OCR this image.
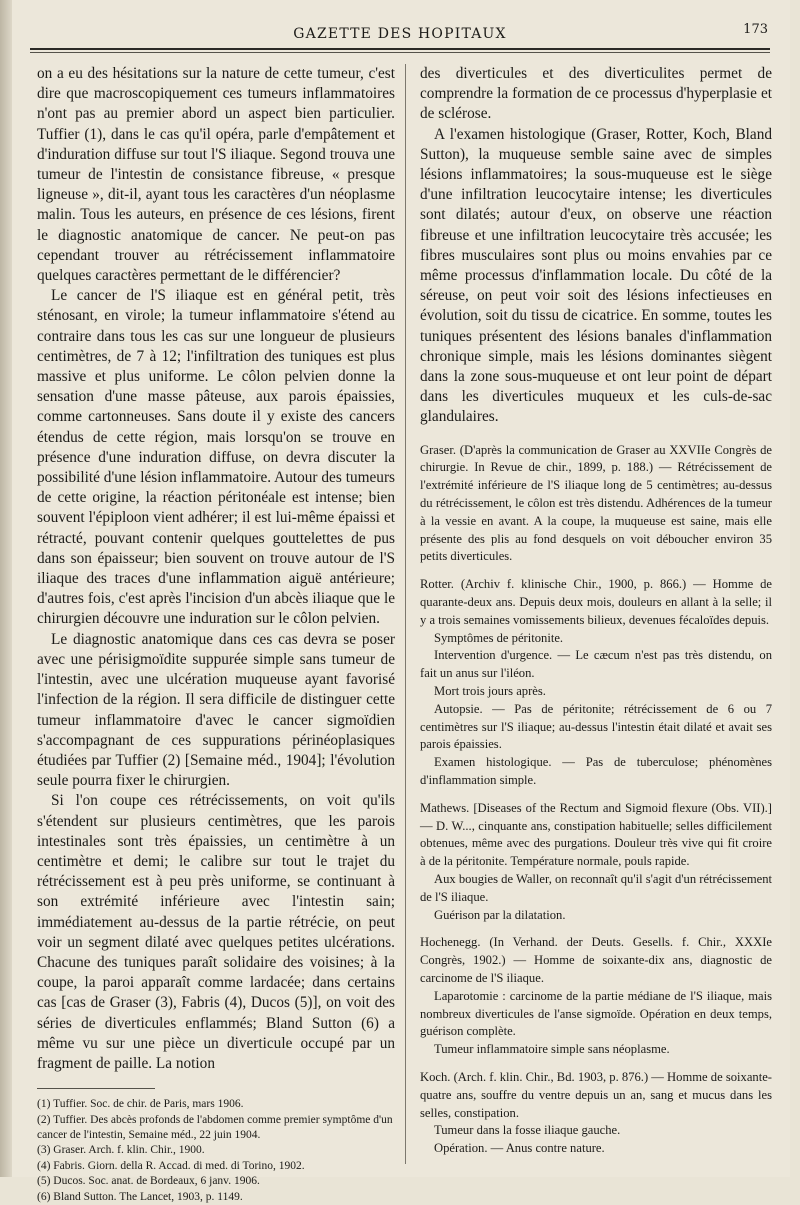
GAZETTE DES HOPITAUX	173

on a eu des hésitations sur la nature de cette tumeur, c'est dire que macroscopiquement ces tumeurs inflammatoires n'ont pas au premier abord un aspect bien particulier. Tuffier (1), dans le cas qu'il opéra, parle d'empâtement et d'induration diffuse sur tout l'S iliaque. Segond trouva une tumeur de l'intestin de consistance fibreuse, « presque ligneuse », dit-il, ayant tous les caractères d'un néoplasme malin. Tous les auteurs, en présence de ces lésions, firent le diagnostic anatomique de cancer. Ne peut-on pas cependant trouver au rétrécissement inflammatoire quelques caractères permettant de le différencier?

Le cancer de l'S iliaque est en général petit, très sténosant, en virole; la tumeur inflammatoire s'étend au contraire dans tous les cas sur une longueur de plusieurs centimètres, de 7 à 12; l'infiltration des tuniques est plus massive et plus uniforme. Le côlon pelvien donne la sensation d'une masse pâteuse, aux parois épaissies, comme cartonneuses. Sans doute il y existe des cancers étendus de cette région, mais lorsqu'on se trouve en présence d'une induration diffuse, on devra discuter la possibilité d'une lésion inflammatoire. Autour des tumeurs de cette origine, la réaction péritonéale est intense; bien souvent l'épiploon vient adhérer; il est lui-même épaissi et rétracté, pouvant contenir quelques gouttelettes de pus dans son épaisseur; bien souvent on trouve autour de l'S iliaque des traces d'une inflammation aiguë antérieure; d'autres fois, c'est après l'incision d'un abcès iliaque que le chirurgien découvre une induration sur le côlon pelvien.

Le diagnostic anatomique dans ces cas devra se poser avec une périsigmoïdite suppurée simple sans tumeur de l'intestin, avec une ulcération muqueuse ayant favorisé l'infection de la région. Il sera difficile de distinguer cette tumeur inflammatoire d'avec le cancer sigmoïdien s'accompagnant de ces suppurations périnéoplasiques étudiées par Tuffier (2) [Semaine méd., 1904]; l'évolution seule pourra fixer le chirurgien.

Si l'on coupe ces rétrécissements, on voit qu'ils s'étendent sur plusieurs centimètres, que les parois intestinales sont très épaissies, un centimètre à un centimètre et demi; le calibre sur tout le trajet du rétrécissement est à peu près uniforme, se continuant à son extrémité inférieure avec l'intestin sain; immédiatement au-dessus de la partie rétrécie, on peut voir un segment dilaté avec quelques petites ulcérations. Chacune des tuniques paraît solidaire des voisines; à la coupe, la paroi apparaît comme lardacée; dans certains cas [cas de Graser (3), Fabris (4), Ducos (5)], on voit des séries de diverticules enflammés; Bland Sutton (6) a même vu sur une pièce un diverticule occupé par un fragment de paille. La notion

(1) Tuffier. Soc. de chir. de Paris, mars 1906.

(2) Tuffier. Des abcès profonds de l'abdomen comme premier symptôme d'un cancer de l'intestin, Semaine méd., 22 juin 1904.

(3) Graser. Arch. f. klin. Chir., 1900.

(4) Fabris. Giorn. della R. Accad. di med. di Torino, 1902.

(5) Ducos. Soc. anat. de Bordeaux, 6 janv. 1906.

(6) Bland Sutton. The Lancet, 1903, p. 1149.

des diverticules et des diverticulites permet de comprendre la formation de ce processus d'hyperplasie et de sclérose.

A l'examen histologique (Graser, Rotter, Koch, Bland Sutton), la muqueuse semble saine avec de simples lésions inflammatoires; la sous-muqueuse est le siège d'une infiltration leucocytaire intense; les diverticules sont dilatés; autour d'eux, on observe une réaction fibreuse et une infiltration leucocytaire très accusée; les fibres musculaires sont plus ou moins envahies par ce même processus d'inflammation locale. Du côté de la séreuse, on peut voir soit des lésions infectieuses en évolution, soit du tissu de cicatrice. En somme, toutes les tuniques présentent des lésions banales d'inflammation chronique simple, mais les lésions dominantes siègent dans la zone sous-muqueuse et ont leur point de départ dans les diverticules muqueux et les culs-de-sac glandulaires.

Graser. (D'après la communication de Graser au XXVIIe Congrès de chirurgie. In Revue de chir., 1899, p. 188.) — Rétrécissement de l'extrémité inférieure de l'S iliaque long de 5 centimètres; au-dessus du rétrécissement, le côlon est très distendu. Adhérences de la tumeur à la vessie en avant. A la coupe, la muqueuse est saine, mais elle présente des plis au fond desquels on voit déboucher environ 35 petits diverticules.

Rotter. (Archiv f. klinische Chir., 1900, p. 866.) — Homme de quarante-deux ans. Depuis deux mois, douleurs en allant à la selle; il y a trois semaines vomissements bilieux, devenues fécaloïdes depuis.

Symptômes de péritonite.

Intervention d'urgence. — Le cæcum n'est pas très distendu, on fait un anus sur l'iléon.

Mort trois jours après.

Autopsie. — Pas de péritonite; rétrécissement de 6 ou 7 centimètres sur l'S iliaque; au-dessus l'intestin était dilaté et avait ses parois épaissies.

Examen histologique. — Pas de tuberculose; phénomènes d'inflammation simple.

Mathews. [Diseases of the Rectum and Sigmoid flexure (Obs. VII).] — D. W..., cinquante ans, constipation habituelle; selles difficilement obtenues, même avec des purgations. Douleur très vive qui fit croire à de la péritonite. Température normale, pouls rapide.

Aux bougies de Waller, on reconnaît qu'il s'agit d'un rétrécissement de l'S iliaque.

Guérison par la dilatation.

Hochenegg. (In Verhand. der Deuts. Gesells. f. Chir., XXXIe Congrès, 1902.) — Homme de soixante-dix ans, diagnostic de carcinome de l'S iliaque.

Laparotomie : carcinome de la partie médiane de l'S iliaque, mais nombreux diverticules de l'anse sigmoïde. Opération en deux temps, guérison complète.

Tumeur inflammatoire simple sans néoplasme.

Koch. (Arch. f. klin. Chir., Bd. 1903, p. 876.) — Homme de soixante-quatre ans, souffre du ventre depuis un an, sang et mucus dans les selles, constipation.

Tumeur dans la fosse iliaque gauche.

Opération. — Anus contre nature.
